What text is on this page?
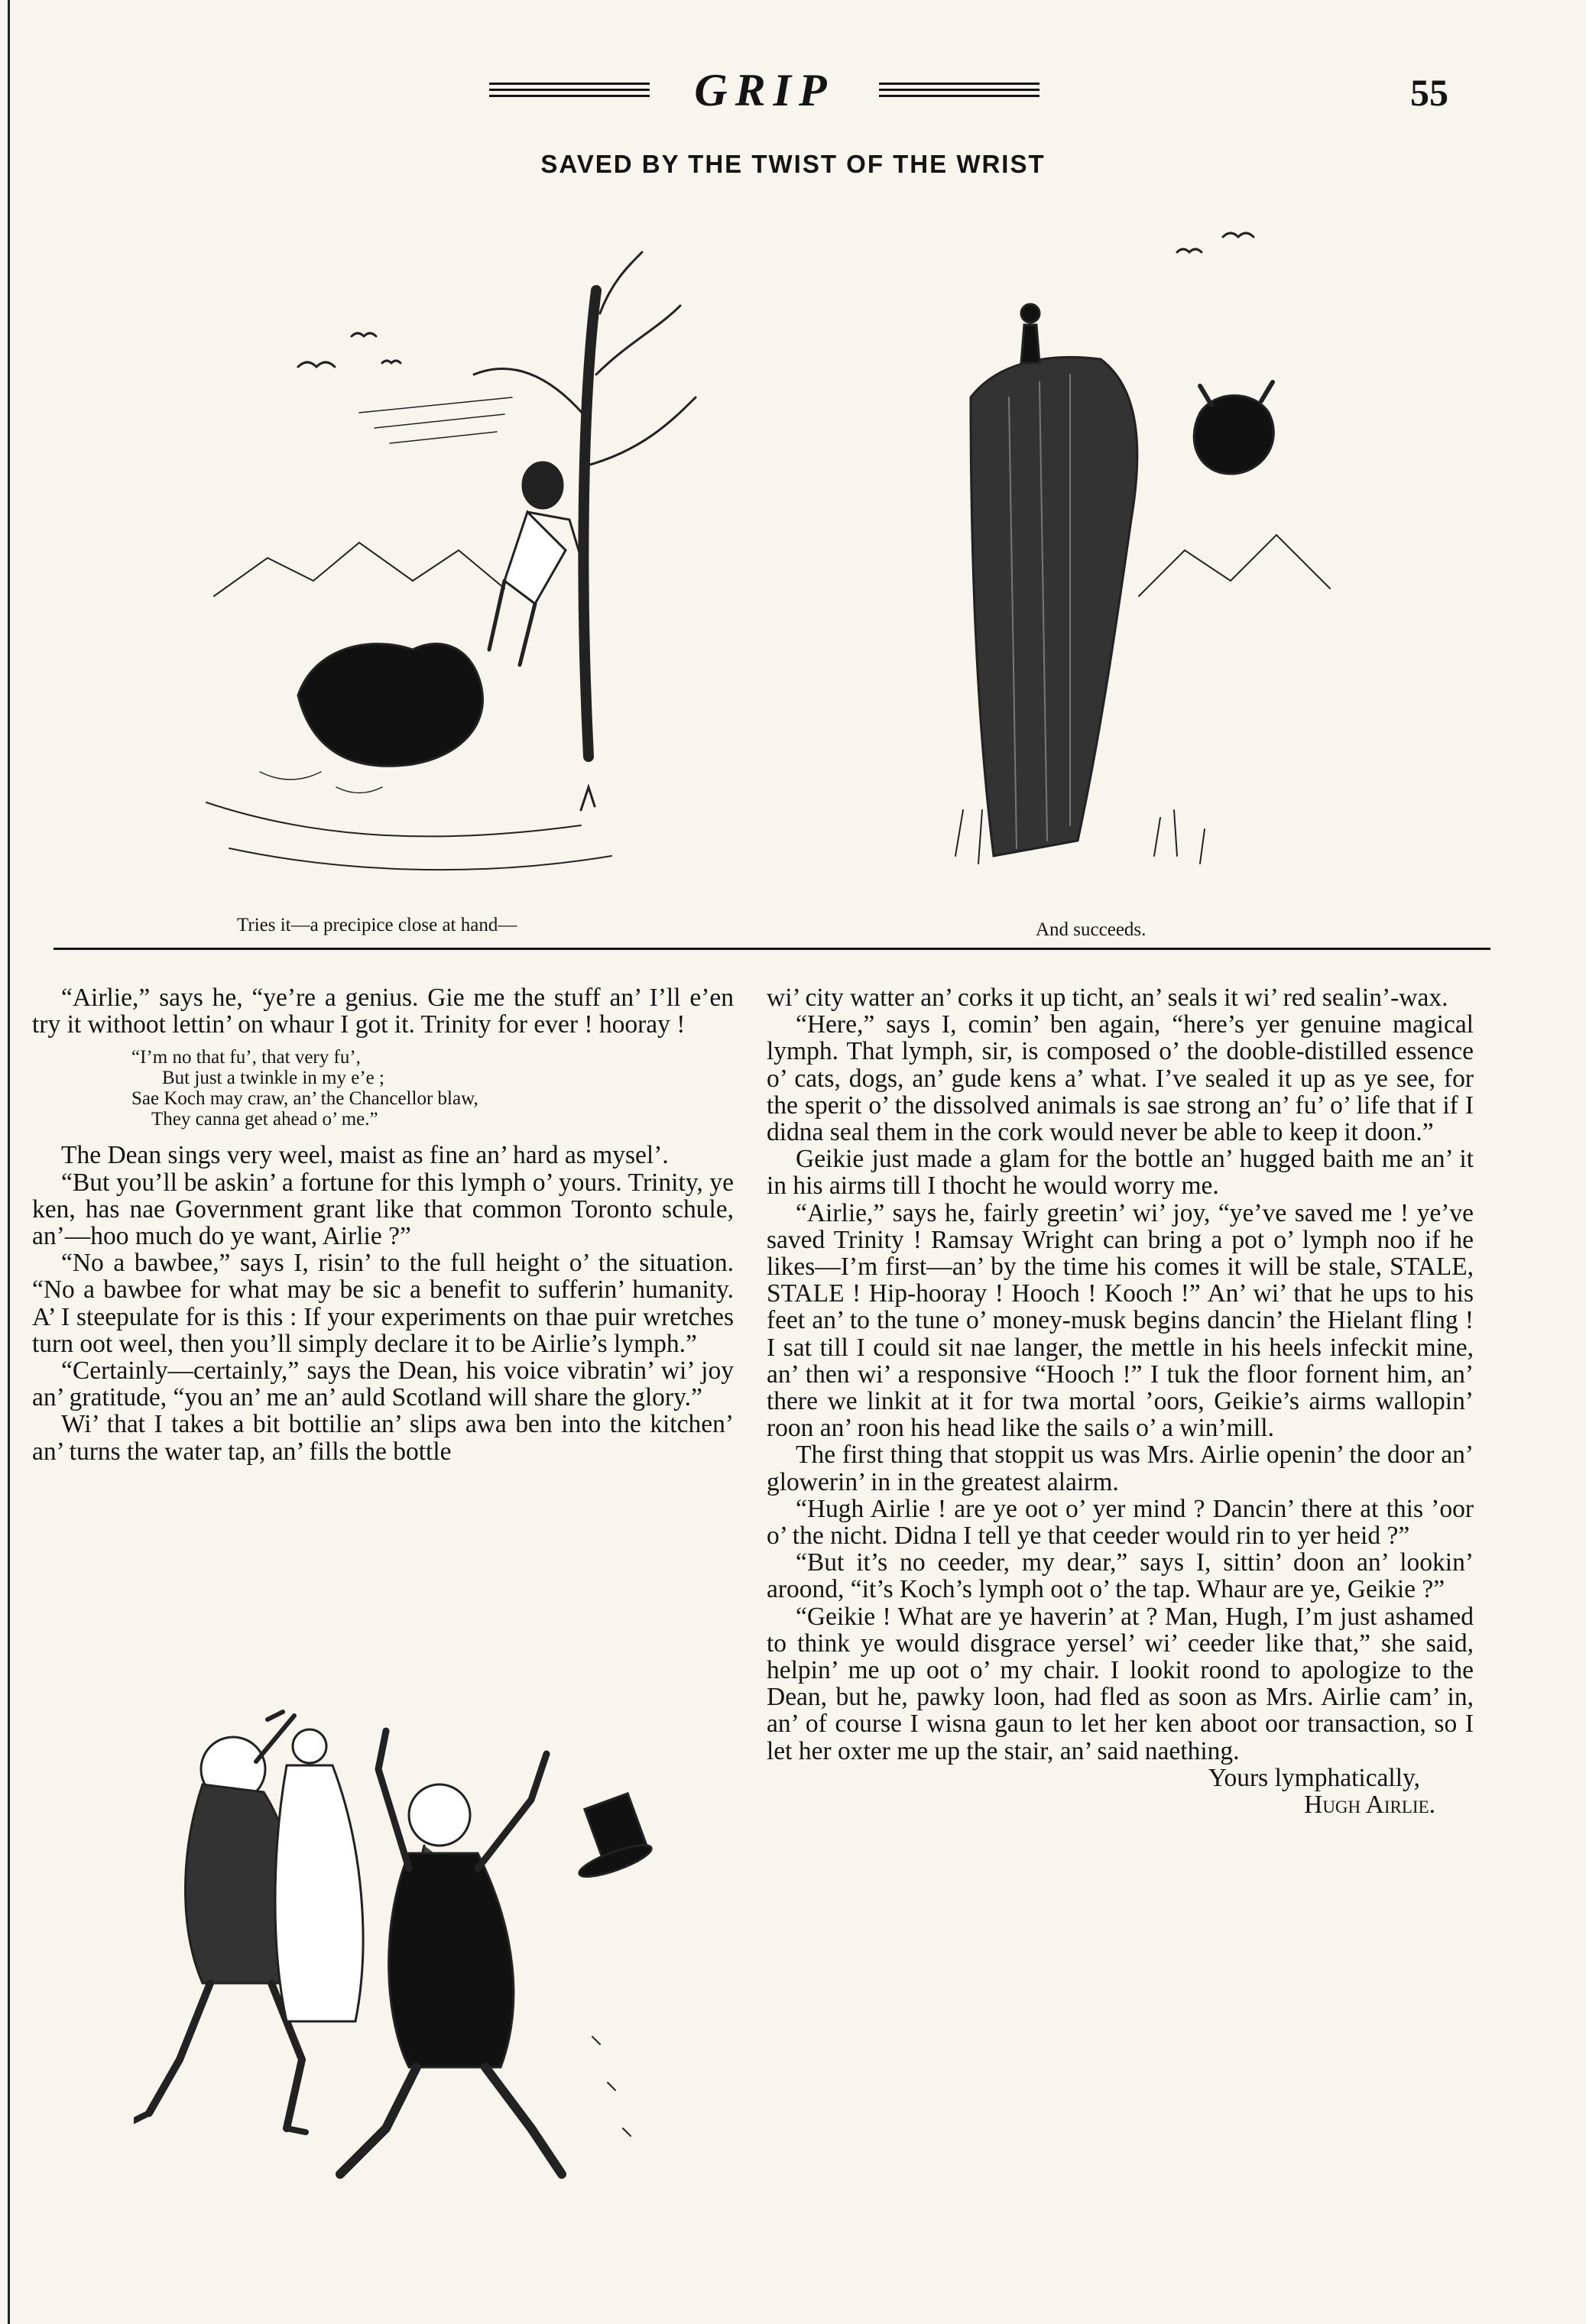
GRIP	55
SAVED BY THE TWIST OF THE WRIST
Tries it—a precipice close at hand—	And succeeds.

“Airlie,” says he, “ye’re a genius. Gie me the stuff an’ I’ll e’en try it withoot lettin’ on whaur I got it. Trinity for ever ! hooray !

“I’m no that fu’, that very fu’,
But just a twinkle in my e’e ;
Sae Koch may craw, an’ the Chancellor blaw,
They canna get ahead o’ me.”

The Dean sings very weel, maist as fine an’ hard as mysel’.

“But you’ll be askin’ a fortune for this lymph o’ yours. Trinity, ye ken, has nae Government grant like that common Toronto schule, an’—hoo much do ye want, Airlie ?”

“No a bawbee,” says I, risin’ to the full height o’ the situation. “No a bawbee for what may be sic a benefit to sufferin’ humanity. A’ I steepulate for is this : If your experiments on thae puir wretches turn oot weel, then you’ll simply declare it to be Airlie’s lymph.”

“Certainly—certainly,” says the Dean, his voice vibratin’ wi’ joy an’ gratitude, “you an’ me an’ auld Scotland will share the glory.”

Wi’ that I takes a bit bottilie an’ slips awa ben into the kitchen’ an’ turns the water tap, an’ fills the bottle

wi’ city watter an’ corks it up ticht, an’ seals it wi’ red sealin’-wax.

“Here,” says I, comin’ ben again, “here’s yer genuine magical lymph. That lymph, sir, is composed o’ the dooble-distilled essence o’ cats, dogs, an’ gude kens a’ what. I’ve sealed it up as ye see, for the sperit o’ the dissolved animals is sae strong an’ fu’ o’ life that if I didna seal them in the cork would never be able to keep it doon.”

Geikie just made a glam for the bottle an’ hugged baith me an’ it in his airms till I thocht he would worry me.

“Airlie,” says he, fairly greetin’ wi’ joy, “ye’ve saved me ! ye’ve saved Trinity ! Ramsay Wright can bring a pot o’ lymph noo if he likes—I’m first—an’ by the time his comes it will be stale, STALE, STALE ! Hip-hooray ! Hooch ! Kooch !” An’ wi’ that he ups to his feet an’ to the tune o’ money-musk begins dancin’ the Hielant fling ! I sat till I could sit nae langer, the mettle in his heels infeckit mine, an’ then wi’ a responsive “Hooch !” I tuk the floor fornent him, an’ there we linkit at it for twa mortal ’oors, Geikie’s airms wallopin’ roon an’ roon his head like the sails o’ a win’mill.

The first thing that stoppit us was Mrs. Airlie openin’ the door an’ glowerin’ in in the greatest alairm.

“Hugh Airlie ! are ye oot o’ yer mind ? Dancin’ there at this ’oor o’ the nicht. Didna I tell ye that ceeder would rin to yer heid ?”

“But it’s no ceeder, my dear,” says I, sittin’ doon an’ lookin’ aroond, “it’s Koch’s lymph oot o’ the tap. Whaur are ye, Geikie ?”

“Geikie ! What are ye haverin’ at ? Man, Hugh, I’m just ashamed to think ye would disgrace yersel’ wi’ ceeder like that,” she said, helpin’ me up oot o’ my chair. I lookit roond to apologize to the Dean, but he, pawky loon, had fled as soon as Mrs. Airlie cam’ in, an’ of course I wisna gaun to let her ken aboot oor transaction, so I let her oxter me up the stair, an’ said naething.

Yours lymphatically,
Hugh Airlie.
